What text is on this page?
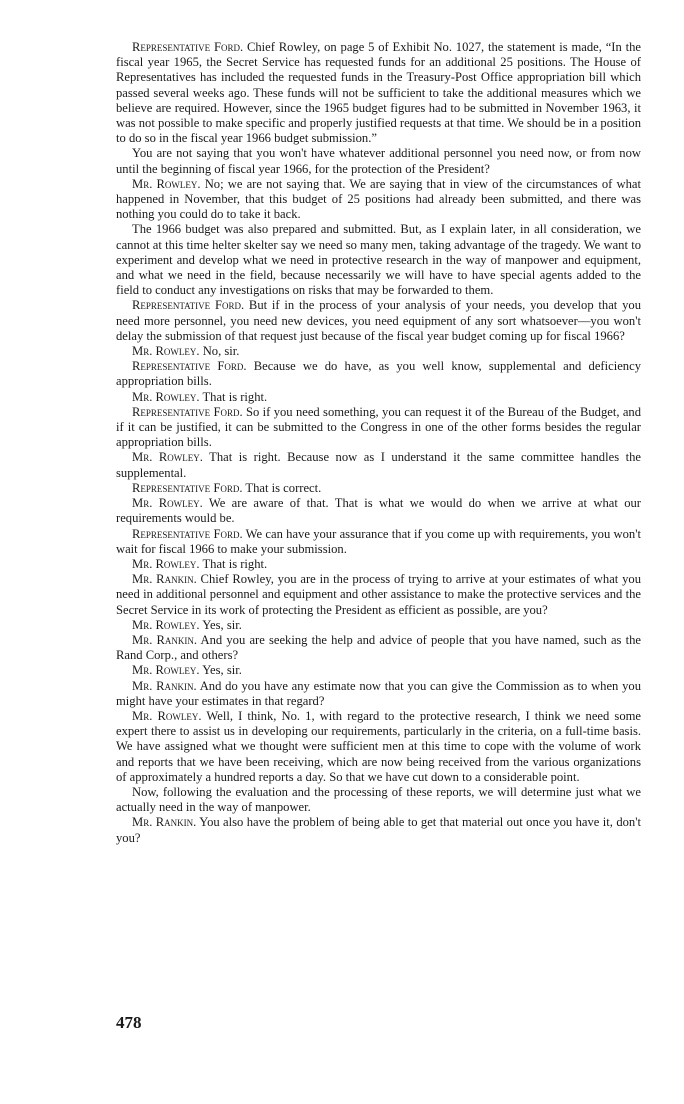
Representative Ford. Chief Rowley, on page 5 of Exhibit No. 1027, the statement is made, “In the fiscal year 1965, the Secret Service has requested funds for an additional 25 positions. The House of Representatives has included the requested funds in the Treasury-Post Office appropriation bill which passed several weeks ago. These funds will not be sufficient to take the additional measures which we believe are required. However, since the 1965 budget figures had to be submitted in November 1963, it was not possible to make specific and properly justified requests at that time. We should be in a position to do so in the fiscal year 1966 budget submission.”

You are not saying that you won't have whatever additional personnel you need now, or from now until the beginning of fiscal year 1966, for the protection of the President?

Mr. Rowley. No; we are not saying that. We are saying that in view of the circumstances of what happened in November, that this budget of 25 positions had already been submitted, and there was nothing you could do to take it back.

The 1966 budget was also prepared and submitted. But, as I explain later, in all consideration, we cannot at this time helter skelter say we need so many men, taking advantage of the tragedy. We want to experiment and develop what we need in protective research in the way of manpower and equipment, and what we need in the field, because necessarily we will have to have special agents added to the field to conduct any investigations on risks that may be forwarded to them.

Representative Ford. But if in the process of your analysis of your needs, you develop that you need more personnel, you need new devices, you need equipment of any sort whatsoever—you won't delay the submission of that request just because of the fiscal year budget coming up for fiscal 1966?

Mr. Rowley. No, sir.

Representative Ford. Because we do have, as you well know, supplemental and deficiency appropriation bills.

Mr. Rowley. That is right.

Representative Ford. So if you need something, you can request it of the Bureau of the Budget, and if it can be justified, it can be submitted to the Congress in one of the other forms besides the regular appropriation bills.

Mr. Rowley. That is right. Because now as I understand it the same committee handles the supplemental.

Representative Ford. That is correct.

Mr. Rowley. We are aware of that. That is what we would do when we arrive at what our requirements would be.

Representative Ford. We can have your assurance that if you come up with requirements, you won't wait for fiscal 1966 to make your submission.

Mr. Rowley. That is right.

Mr. Rankin. Chief Rowley, you are in the process of trying to arrive at your estimates of what you need in additional personnel and equipment and other assistance to make the protective services and the Secret Service in its work of protecting the President as efficient as possible, are you?

Mr. Rowley. Yes, sir.

Mr. Rankin. And you are seeking the help and advice of people that you have named, such as the Rand Corp., and others?

Mr. Rowley. Yes, sir.

Mr. Rankin. And do you have any estimate now that you can give the Commission as to when you might have your estimates in that regard?

Mr. Rowley. Well, I think, No. 1, with regard to the protective research, I think we need some expert there to assist us in developing our requirements, particularly in the criteria, on a full-time basis. We have assigned what we thought were sufficient men at this time to cope with the volume of work and reports that we have been receiving, which are now being received from the various organizations of approximately a hundred reports a day. So that we have cut down to a considerable point.

Now, following the evaluation and the processing of these reports, we will determine just what we actually need in the way of manpower.

Mr. Rankin. You also have the problem of being able to get that material out once you have it, don't you?

478
